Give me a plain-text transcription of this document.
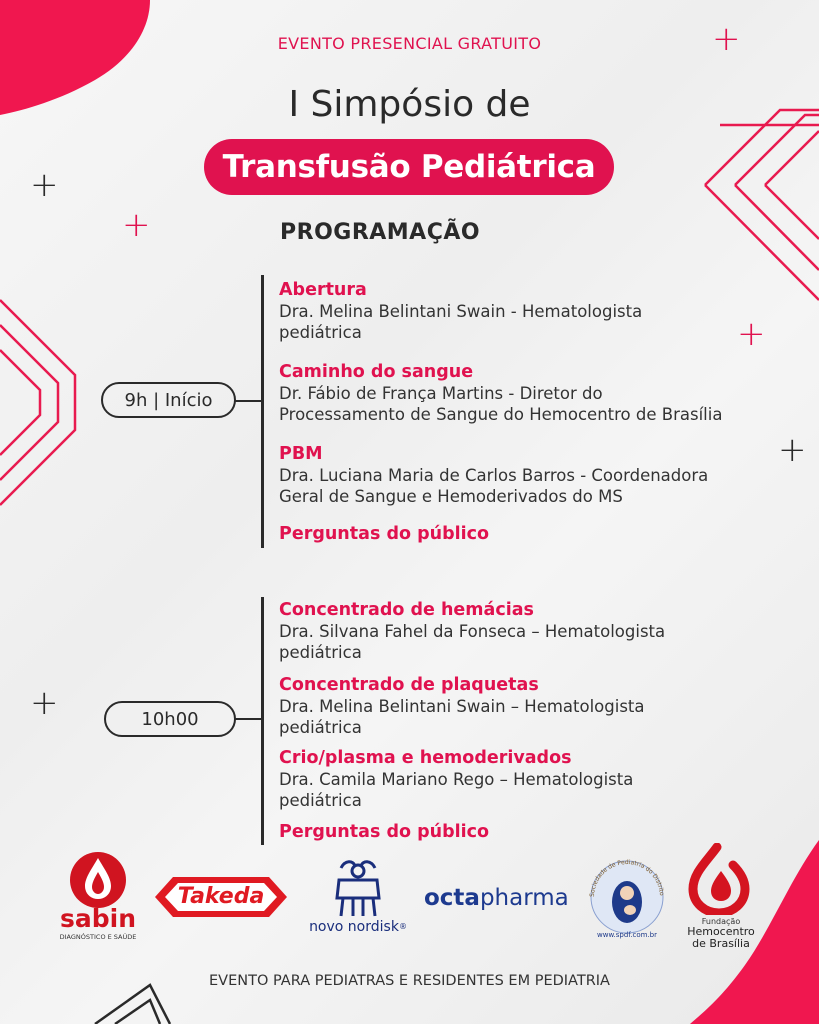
+
+
+
+
+
+
EVENTO PRESENCIAL GRATUITO
I Simpósio de
Transfusão Pediátrica
PROGRAMAÇÃO
9h | Início
Abertura
Dra. Melina Belintani Swain - Hematologista
pediátrica
Caminho do sangue
Dr. Fábio de França Martins - Diretor do
Processamento de Sangue do Hemocentro de Brasília
PBM
Dra. Luciana Maria de Carlos Barros - Coordenadora
Geral de Sangue e Hemoderivados do MS
Perguntas do público
10h00
Concentrado de hemácias
Dra. Silvana Fahel da Fonseca – Hematologista
pediátrica
Concentrado de plaquetas
Dra. Melina Belintani Swain – Hematologista
pediátrica
Crio/plasma e hemoderivados
Dra. Camila Mariano Rego – Hematologista
pediátrica
Perguntas do público
sabin
DIAGNÓSTICO E SAÚDE
Takeda
novo nordisk®
octapharma	Sociedade de Pediatria do Distrito
www.spdf.com.br
Fundação
Hemocentro
de Brasília
EVENTO PARA PEDIATRAS E RESIDENTES EM PEDIATRIA
